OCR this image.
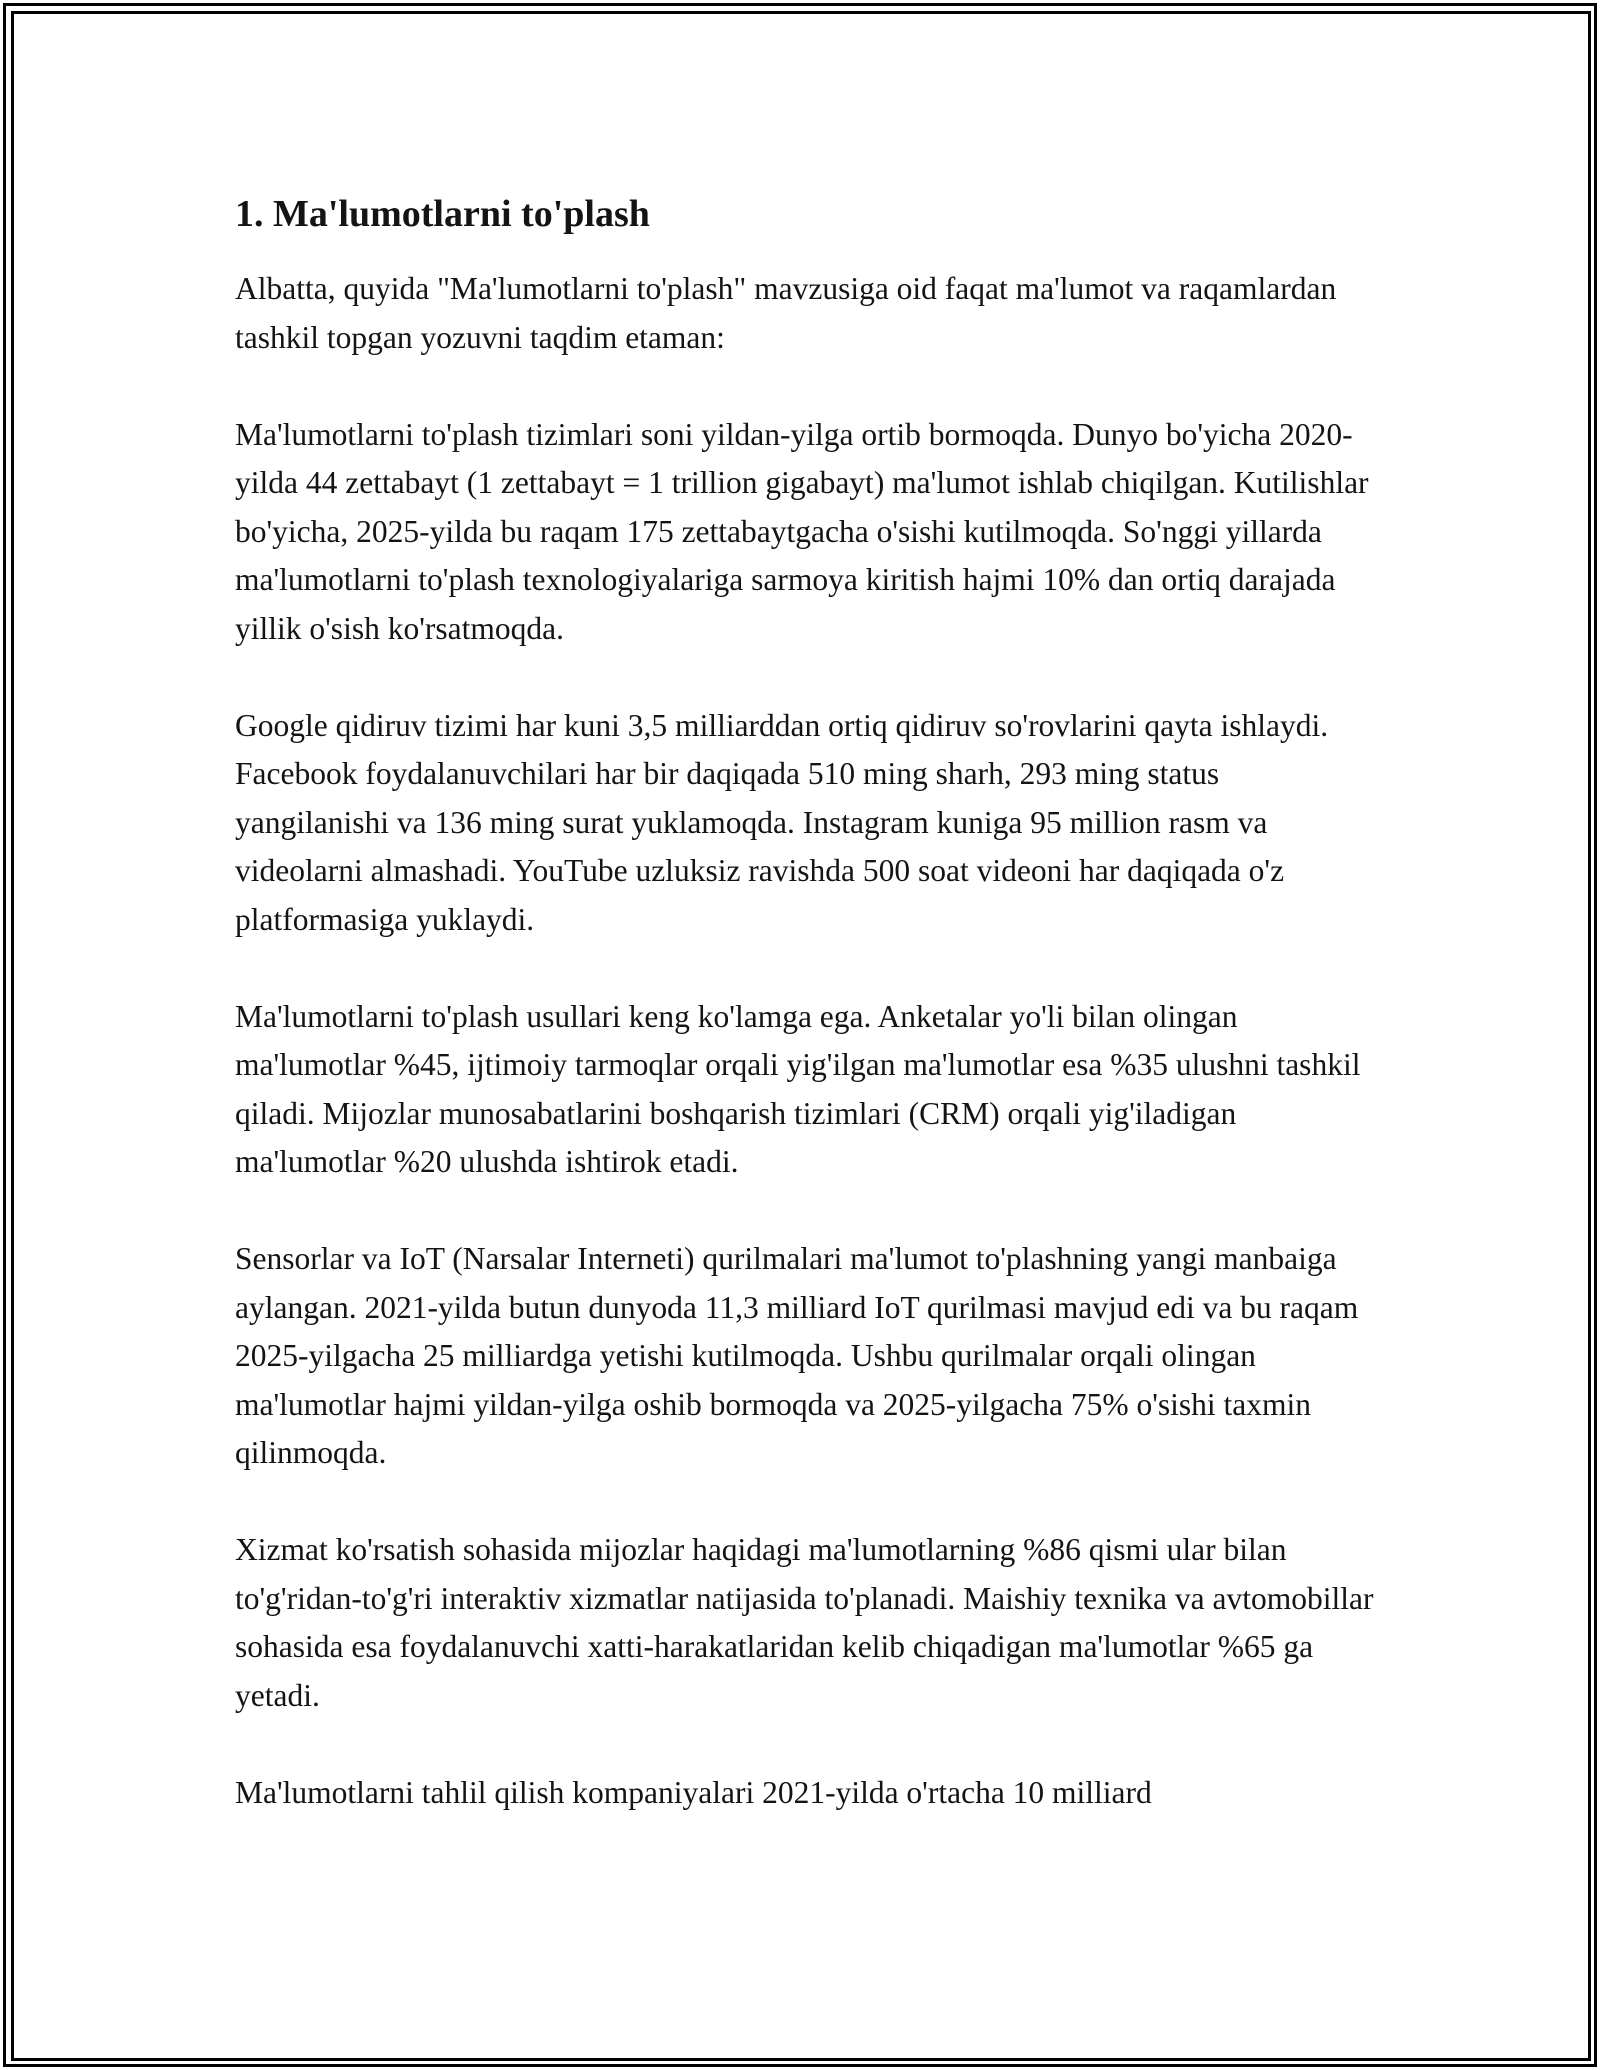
1. Ma'lumotlarni to'plash

Albatta, quyida "Ma'lumotlarni to'plash" mavzusiga oid faqat ma'lumot va raqamlardan tashkil topgan yozuvni taqdim etaman:

Ma'lumotlarni to'plash tizimlari soni yildan-yilga ortib bormoqda. Dunyo bo'yicha 2020-yilda 44 zettabayt (1 zettabayt = 1 trillion gigabayt) ma'lumot ishlab chiqilgan. Kutilishlar bo'yicha, 2025-yilda bu raqam 175 zettabaytgacha o'sishi kutilmoqda. So'nggi yillarda ma'lumotlarni to'plash texnologiyalariga sarmoya kiritish hajmi 10% dan ortiq darajada yillik o'sish ko'rsatmoqda.

Google qidiruv tizimi har kuni 3,5 milliarddan ortiq qidiruv so'rovlarini qayta ishlaydi. Facebook foydalanuvchilari har bir daqiqada 510 ming sharh, 293 ming status yangilanishi va 136 ming surat yuklamoqda. Instagram kuniga 95 million rasm va videolarni almashadi. YouTube uzluksiz ravishda 500 soat videoni har daqiqada o'z platformasiga yuklaydi.

Ma'lumotlarni to'plash usullari keng ko'lamga ega. Anketalar yo'li bilan olingan ma'lumotlar %45, ijtimoiy tarmoqlar orqali yig'ilgan ma'lumotlar esa %35 ulushni tashkil qiladi. Mijozlar munosabatlarini boshqarish tizimlari (CRM) orqali yig'iladigan ma'lumotlar %20 ulushda ishtirok etadi.

Sensorlar va IoT (Narsalar Interneti) qurilmalari ma'lumot to'plashning yangi manbaiga aylangan. 2021-yilda butun dunyoda 11,3 milliard IoT qurilmasi mavjud edi va bu raqam 2025-yilgacha 25 milliardga yetishi kutilmoqda. Ushbu qurilmalar orqali olingan ma'lumotlar hajmi yildan-yilga oshib bormoqda va 2025-yilgacha 75% o'sishi taxmin qilinmoqda.

Xizmat ko'rsatish sohasida mijozlar haqidagi ma'lumotlarning %86 qismi ular bilan to'g'ridan-to'g'ri interaktiv xizmatlar natijasida to'planadi. Maishiy texnika va avtomobillar sohasida esa foydalanuvchi xatti-harakatlaridan kelib chiqadigan ma'lumotlar %65 ga yetadi.

Ma'lumotlarni tahlil qilish kompaniyalari 2021-yilda o'rtacha 10 milliard
